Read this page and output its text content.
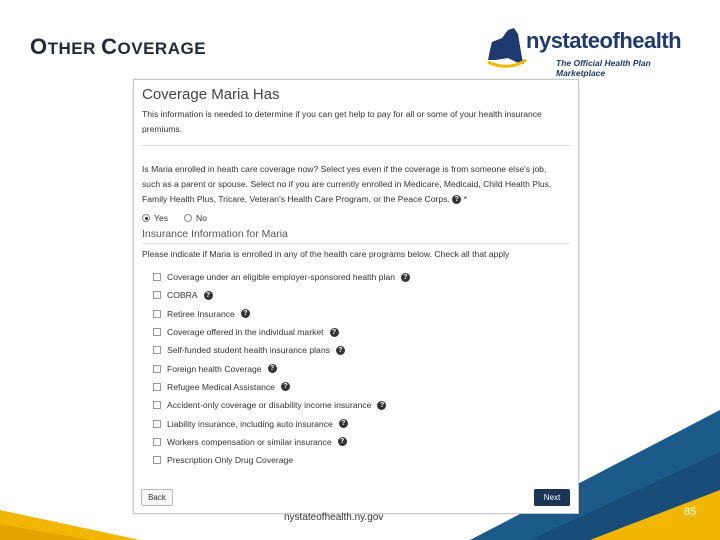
OTHER COVERAGE	nystateofhealth
The Official Health Plan Marketplace
Coverage Maria Has
This information is needed to determine if you can get help to pay for all or some of your health insurance premiums.
Is Maria enrolled in heath care coverage now? Select yes even if the coverage is from someone else's job, such as a parent or spouse. Select no if you are currently enrolled in Medicare, Medicaid, Child Health Plus, Family Health Plus, Tricare, Veteran's Health Care Program, or the Peace Corps. ? *
Yes	No
Insurance Information for Maria
Please indicate if Maria is enrolled in any of the health care programs below. Check all that apply
Coverage under an eligible employer-sponsored health plan	?
COBRA	?
Retiree Insurance	?
Coverage offered in the individual market	?
Self-funded student health insurance plans	?
Foreign health Coverage	?
Refugee Medical Assistance	?
Accident-only coverage or disability income insurance	?
Liability insurance, including auto insurance	?
Workers compensation or similar insurance	?
Prescription Only Drug Coverage
Back	Next
nystateofhealth.ny.gov	85
